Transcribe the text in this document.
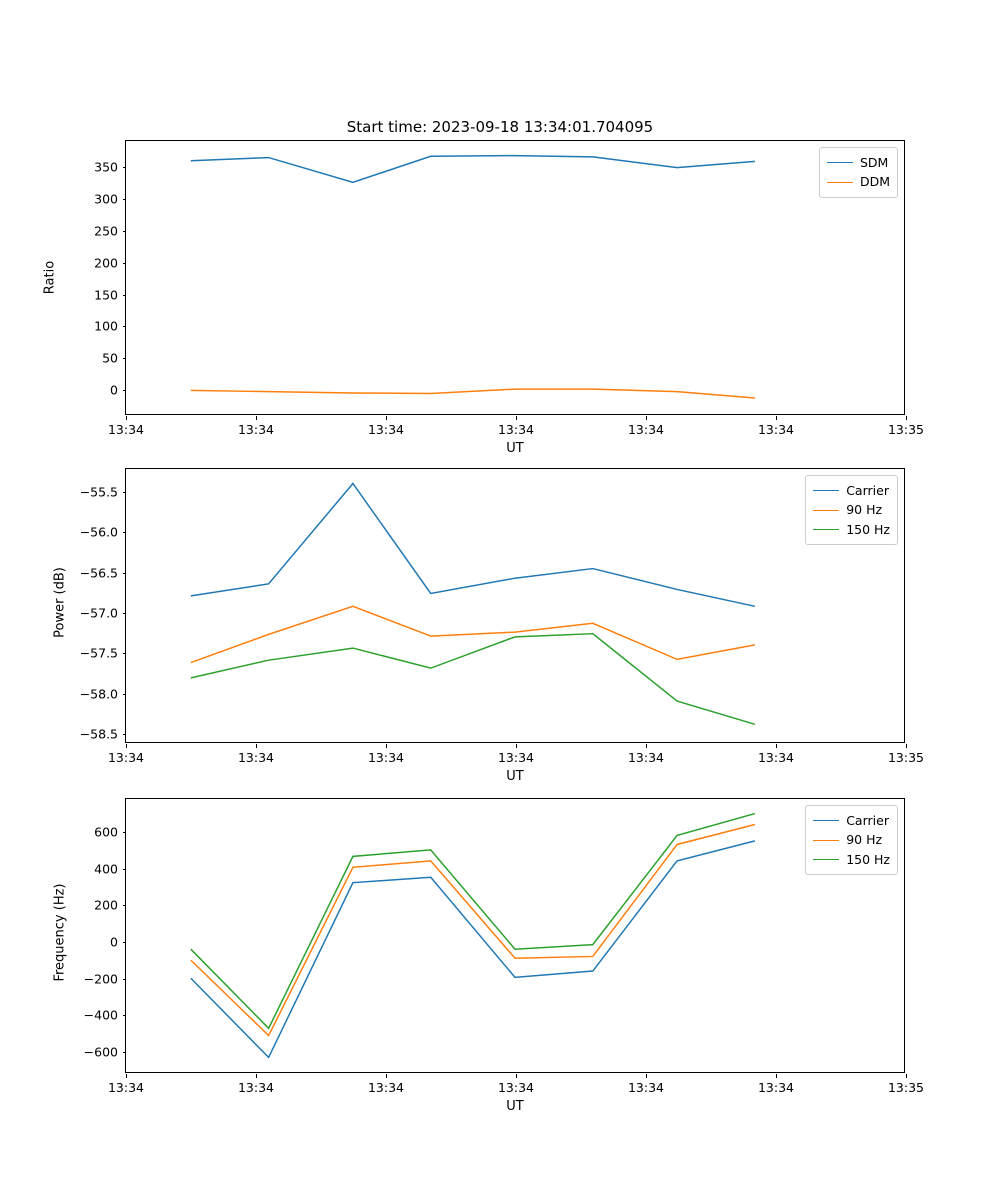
Start time: 2023-09-18 13:34:01.704095
Ratio
SDM
DDM
0
50
100
150
200
250
300
350
13:34	13:34	13:34	13:34	13:34	13:34	13:35
UT
Power (dB)
Carrier
90 Hz
150 Hz
−58.5
−58.0
−57.5
−57.0
−56.5
−56.0
−55.5
13:34	13:34	13:34	13:34	13:34	13:34	13:35
UT
Frequency (Hz)
Carrier
90 Hz
150 Hz
−600
−400
−200
0
200
400
600
13:34	13:34	13:34	13:34	13:34	13:34	13:35
UT
